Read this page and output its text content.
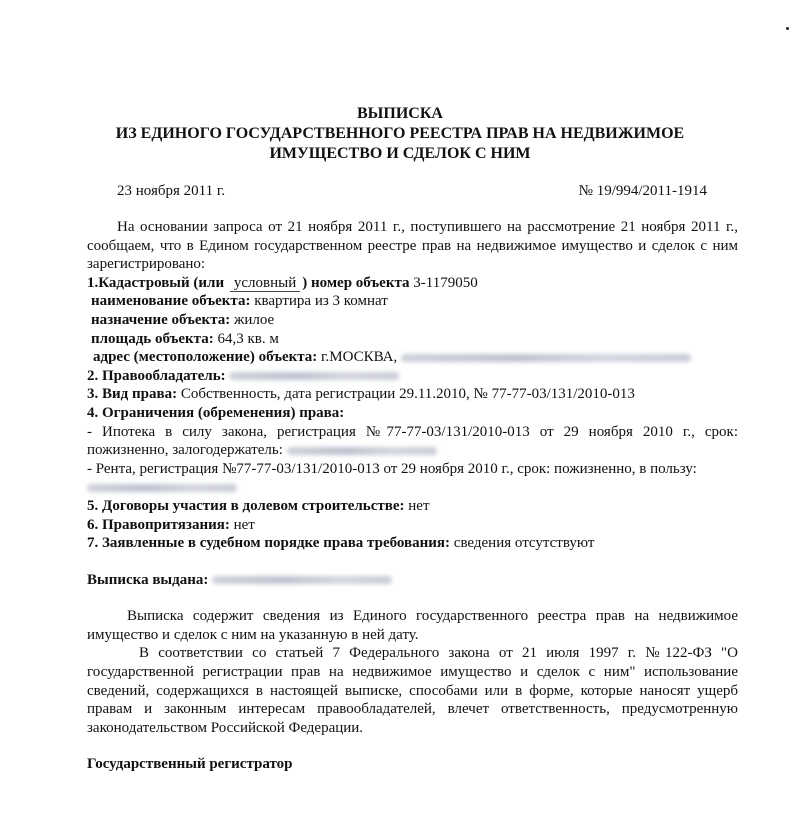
ВЫПИСКА
ИЗ ЕДИНОГО ГОСУДАРСТВЕННОГО РЕЕСТРА ПРАВ НА НЕДВИЖИМОЕ
ИМУЩЕСТВО И СДЕЛОК С НИМ
23 ноября 2011 г.	№ 19/994/2011-1914

На основании запроса от 21 ноября 2011 г., поступившего на рассмотрение 21 ноября 2011 г., сообщаем, что в Едином государственном реестре прав на недвижимое имущество и сделок с ним зарегистрировано:

1.Кадастровый (или условный ) номер объекта 3-1179050
наименование объекта: квартира из 3 комнат
назначение объекта: жилое
площадь объекта: 64,3 кв. м
адрес (местоположение) объекта: г.МОСКВА,
2. Правообладатель:
3. Вид права: Собственность, дата регистрации 29.11.2010, № 77-77-03/131/2010-013
4. Ограничения (обременения) права:

- Ипотека в силу закона, регистрация №77-77-03/131/2010-013 от 29 ноября 2010 г., срок: пожизненно, залогодержатель:

- Рента, регистрация №77-77-03/131/2010-013 от 29 ноября 2010 г., срок: пожизненно, в пользу:

5. Договоры участия в долевом строительстве: нет
6. Правопритязания: нет
7. Заявленные в судебном порядке права требования: сведения отсутствуют
Выписка выдана:

Выписка содержит сведения из Единого государственного реестра прав на недвижимое имущество и сделок с ним на указанную в ней дату.

В соответствии со статьей 7 Федерального закона от 21 июля 1997 г. №122-ФЗ "О государственной регистрации прав на недвижимое имущество и сделок с ним" использование сведений, содержащихся в настоящей выписке, способами или в форме, которые наносят ущерб правам и законным интересам правообладателей, влечет ответственность, предусмотренную законодательством Российской Федерации.

Государственный регистратор
